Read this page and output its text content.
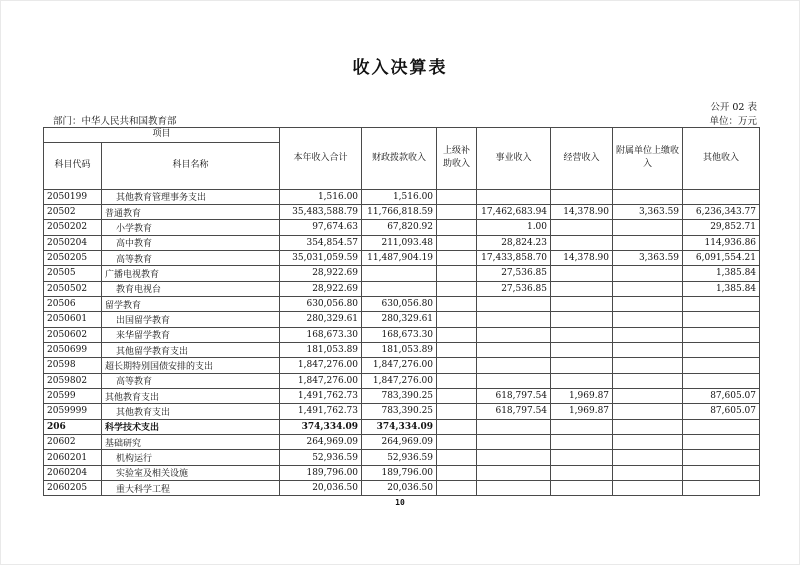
收入决算表
公开 02 表
部门：中华人民共和国教育部	单位：万元
项目		本年收入合计	财政拨款收入	上级补助收入	事业收入	经营收入	附属单位上缴收入	其他收入
科目代码	科目名称							
2050199	其他教育管理事务支出	1,516.00	1,516.00					
20502	普通教育	35,483,588.79	11,766,818.59		17,462,683.94	14,378.90	3,363.59	6,236,343.77
2050202	小学教育	97,674.63	67,820.92		1.00			29,852.71
2050204	高中教育	354,854.57	211,093.48		28,824.23			114,936.86
2050205	高等教育	35,031,059.59	11,487,904.19		17,433,858.70	14,378.90	3,363.59	6,091,554.21
20505	广播电视教育	28,922.69			27,536.85			1,385.84
2050502	教育电视台	28,922.69			27,536.85			1,385.84
20506	留学教育	630,056.80	630,056.80					
2050601	出国留学教育	280,329.61	280,329.61					
2050602	来华留学教育	168,673.30	168,673.30					
2050699	其他留学教育支出	181,053.89	181,053.89					
20598	超长期特别国债安排的支出	1,847,276.00	1,847,276.00					
2059802	高等教育	1,847,276.00	1,847,276.00					
20599	其他教育支出	1,491,762.73	783,390.25		618,797.54	1,969.87		87,605.07
2059999	其他教育支出	1,491,762.73	783,390.25		618,797.54	1,969.87		87,605.07
206	科学技术支出	374,334.09	374,334.09					
20602	基础研究	264,969.09	264,969.09					
2060201	机构运行	52,936.59	52,936.59					
2060204	实验室及相关设施	189,796.00	189,796.00					
2060205	重大科学工程	20,036.50	20,036.50					
10
